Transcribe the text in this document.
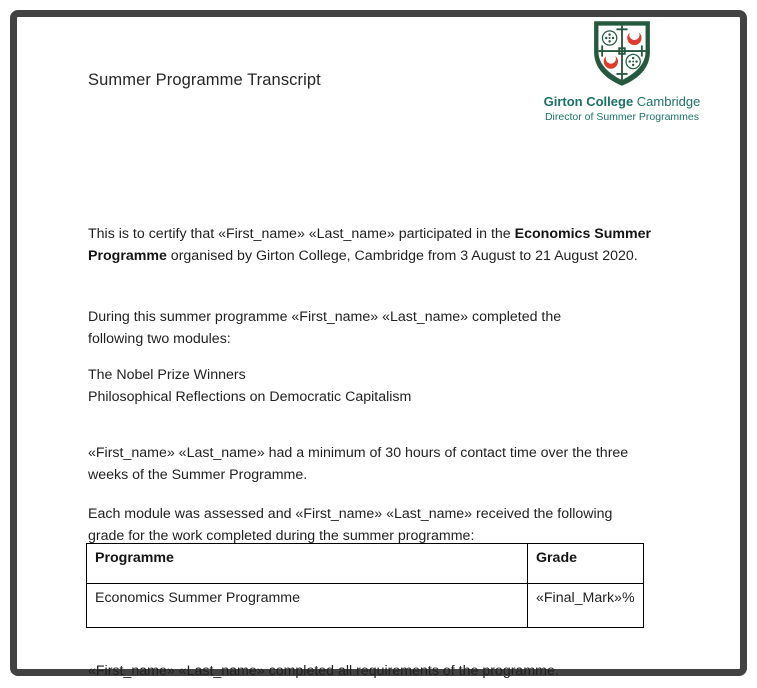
Summer Programme Transcript
Girton College Cambridge
Director of Summer Programmes

This is to certify that «First_name» «Last_name» participated in the Economics Summer Programme organised by Girton College, Cambridge from 3 August to 21 August 2020.

During this summer programme «First_name» «Last_name» completed the following two modules:

The Nobel Prize Winners
Philosophical Reflections on Democratic Capitalism

«First_name» «Last_name» had a minimum of 30 hours of contact time over the three weeks of the Summer Programme.

Each module was assessed and «First_name» «Last_name» received the following grade for the work completed during the summer programme:

Programme	Grade
Economics Summer Programme	«Final_Mark»%

«First_name» «Last_name» completed all requirements of the programme.
